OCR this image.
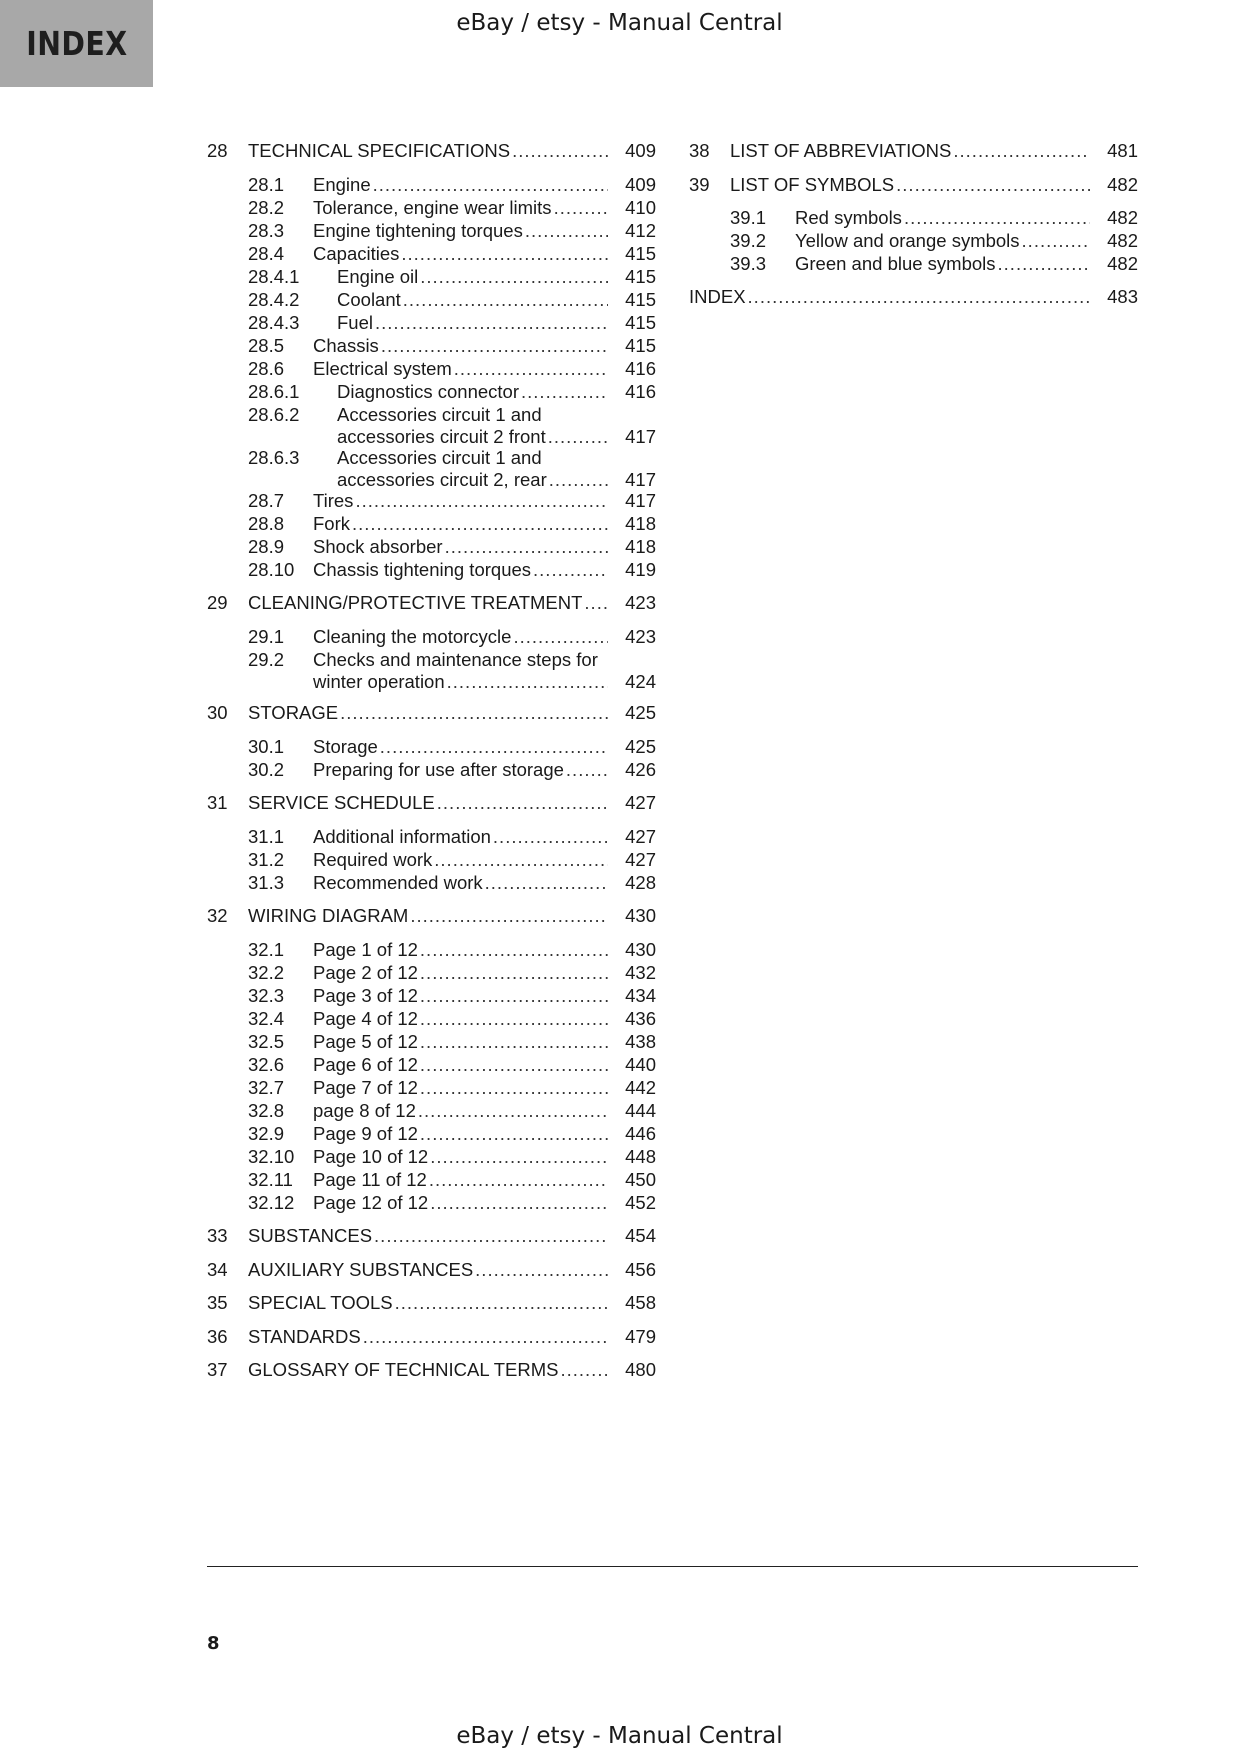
INDEX
eBay / etsy - Manual Central
28 TECHNICAL SPECIFICATIONS .....	409
28.1 Engine .....	409
28.2 Tolerance, engine wear limits .....	410
28.3 Engine tightening torques .....	412
28.4 Capacities .....	415
28.4.1 Engine oil .....	415
28.4.2 Coolant .....	415
28.4.3 Fuel .....	415
28.5 Chassis .....	415
28.6 Electrical system .....	416
28.6.1 Diagnostics connector .....	416
28.6.2 Accessories circuit 1 and
accessories circuit 2 front .....	417
28.6.3 Accessories circuit 1 and
accessories circuit 2, rear .....	417
28.7 Tires .....	417
28.8 Fork .....	418
28.9 Shock absorber .....	418
28.10 Chassis tightening torques .....	419
29 CLEANING/PROTECTIVE TREATMENT .....	423
29.1 Cleaning the motorcycle .....	423
29.2 Checks and maintenance steps for
winter operation .....	424
30 STORAGE .....	425
30.1 Storage .....	425
30.2 Preparing for use after storage .....	426
31 SERVICE SCHEDULE .....	427
31.1 Additional information .....	427
31.2 Required work .....	427
31.3 Recommended work .....	428
32 WIRING DIAGRAM .....	430
32.1 Page 1 of 12 .....	430
32.2 Page 2 of 12 .....	432
32.3 Page 3 of 12 .....	434
32.4 Page 4 of 12 .....	436
32.5 Page 5 of 12 .....	438
32.6 Page 6 of 12 .....	440
32.7 Page 7 of 12 .....	442
32.8 page 8 of 12 .....	444
32.9 Page 9 of 12 .....	446
32.10 Page 10 of 12 .....	448
32.11 Page 11 of 12 .....	450
32.12 Page 12 of 12 .....	452
33 SUBSTANCES .....	454
34 AUXILIARY SUBSTANCES .....	456
35 SPECIAL TOOLS .....	458
36 STANDARDS .....	479
37 GLOSSARY OF TECHNICAL TERMS .....	480
38 LIST OF ABBREVIATIONS .....	481
39 LIST OF SYMBOLS .....	482
39.1 Red symbols .....	482
39.2 Yellow and orange symbols .....	482
39.3 Green and blue symbols .....	482
INDEX .....	483
8
eBay / etsy - Manual Central
